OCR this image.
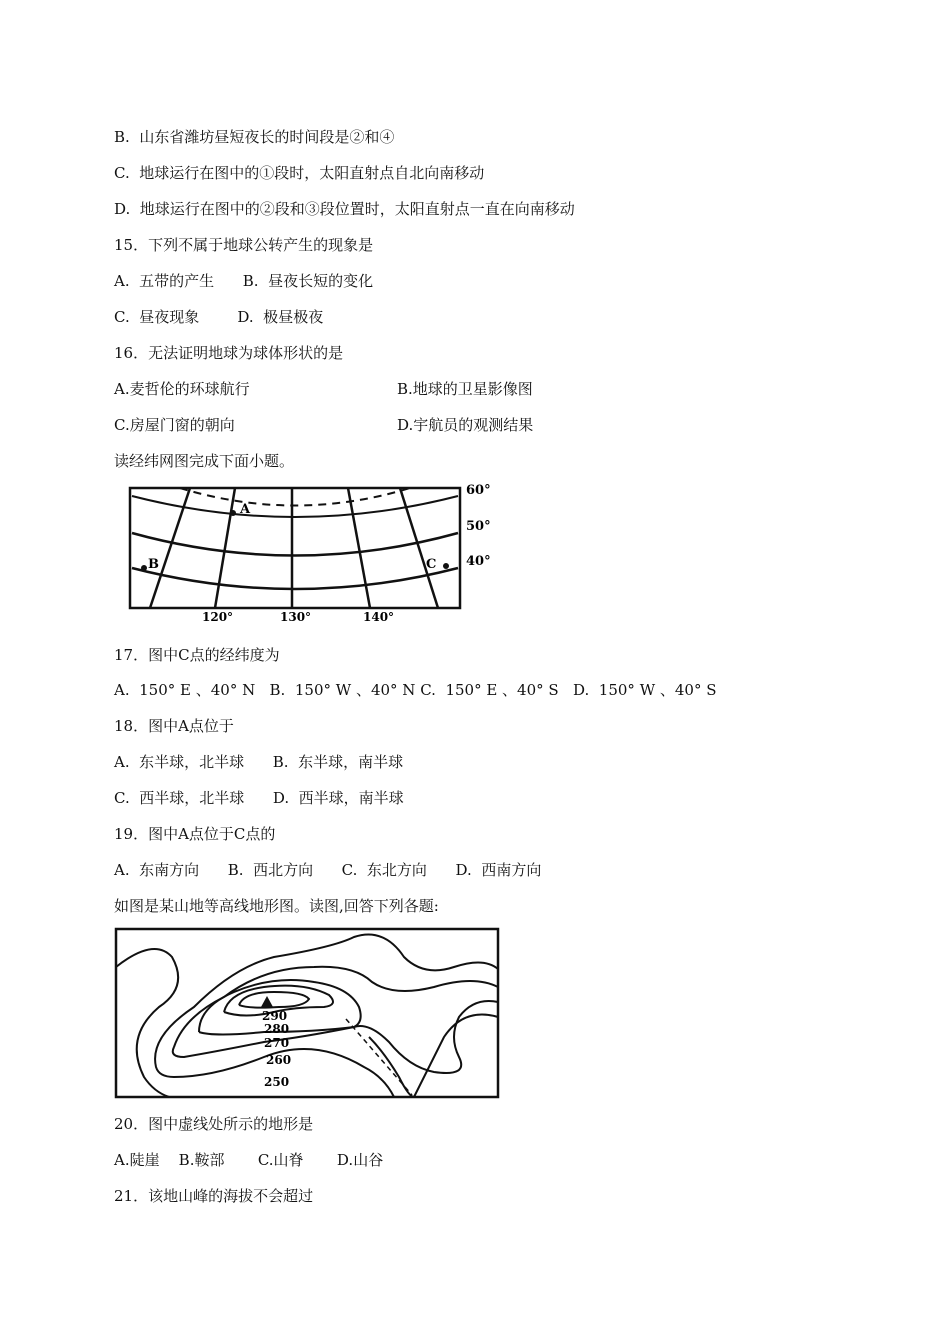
B.  山东省潍坊昼短夜长的时间段是②和④
C.  地球运行在图中的①段时，太阳直射点自北向南移动
D.  地球运行在图中的②段和③段位置时，太阳直射点一直在向南移动
15．下列不属于地球公转产生的现象是
A.  五带的产生      B.  昼夜长短的变化
C.  昼夜现象        D.  极昼极夜
16．无法证明地球为球体形状的是
A.麦哲伦的环球航行	B.地球的卫星影像图
C.房屋门窗的朝向	D.宇航员的观测结果
读经纬网图完成下面小题。
A
B	C
60°
50°
40°
120°	130°	140°
17．图中C点的经纬度为
A.  150° E 、40° N   B.  150° W 、40° N C.  150° E 、40° S   D.  150° W 、40° S
18．图中A点位于
A.  东半球，北半球      B.  东半球，南半球
C.  西半球，北半球      D.  西半球，南半球
19．图中A点位于C点的
A.  东南方向      B.  西北方向      C.  东北方向      D.  西南方向
如图是某山地等高线地形图。读图,回答下列各题:
290
280
270
260
250
20．图中虚线处所示的地形是
A.陡崖    B.鞍部       C.山脊       D.山谷
21．该地山峰的海拔不会超过
